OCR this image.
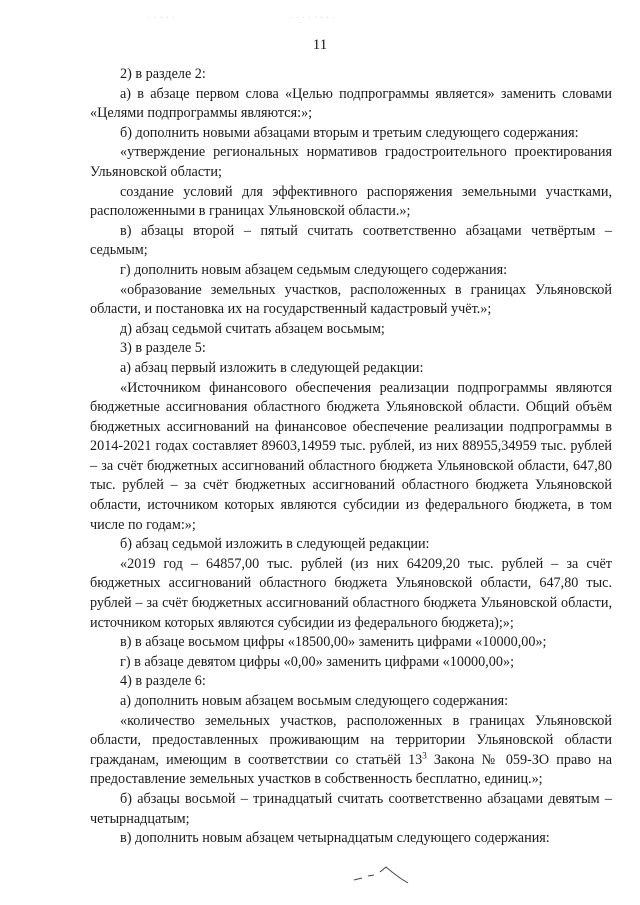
· · · · ·	· · · · · · · ·
11

2) в разделе 2:

а) в абзаце первом слова «Целью подпрограммы является» заменить словами «Целями подпрограммы являются:»;

б) дополнить новыми абзацами вторым и третьим следующего содержания:

«утверждение региональных нормативов градостроительного проектирования Ульяновской области;

создание условий для эффективного распоряжения земельными участками, расположенными в границах Ульяновской области.»;

в) абзацы второй – пятый считать соответственно абзацами четвёртым – седьмым;

г) дополнить новым абзацем седьмым следующего содержания:

«образование земельных участков, расположенных в границах Ульяновской области, и постановка их на государственный кадастровый учёт.»;

д) абзац седьмой считать абзацем восьмым;

3) в разделе 5:

а) абзац первый изложить в следующей редакции:

«Источником финансового обеспечения реализации подпрограммы являются бюджетные ассигнования областного бюджета Ульяновской области. Общий объём бюджетных ассигнований на финансовое обеспечение реализации подпрограммы в 2014-2021 годах составляет 89603,14959 тыс. рублей, из них 88955,34959 тыс. рублей – за счёт бюджетных ассигнований областного бюджета Ульяновской области, 647,80 тыс. рублей – за счёт бюджетных ассигнований областного бюджета Ульяновской области, источником которых являются субсидии из федерального бюджета, в том числе по годам:»;

б) абзац седьмой изложить в следующей редакции:

«2019 год – 64857,00 тыс. рублей (из них 64209,20 тыс. рублей – за счёт бюджетных ассигнований областного бюджета Ульяновской области, 647,80 тыс. рублей – за счёт бюджетных ассигнований областного бюджета Ульяновской области, источником которых являются субсидии из федерального бюджета);»;

в) в абзаце восьмом цифры «18500,00» заменить цифрами «10000,00»;

г) в абзаце девятом цифры «0,00» заменить цифрами «10000,00»;

4) в разделе 6:

а) дополнить новым абзацем восьмым следующего содержания:

«количество земельных участков, расположенных в границах Ульяновской области, предоставленных проживающим на территории Ульяновской области гражданам, имеющим в соответствии со статьёй $13^3$ Закона № 059-ЗО право на предоставление земельных участков в собственность бесплатно, единиц.»;

б) абзацы восьмой – тринадцатый считать соответственно абзацами девятым – четырнадцатым;

в) дополнить новым абзацем четырнадцатым следующего содержания:
